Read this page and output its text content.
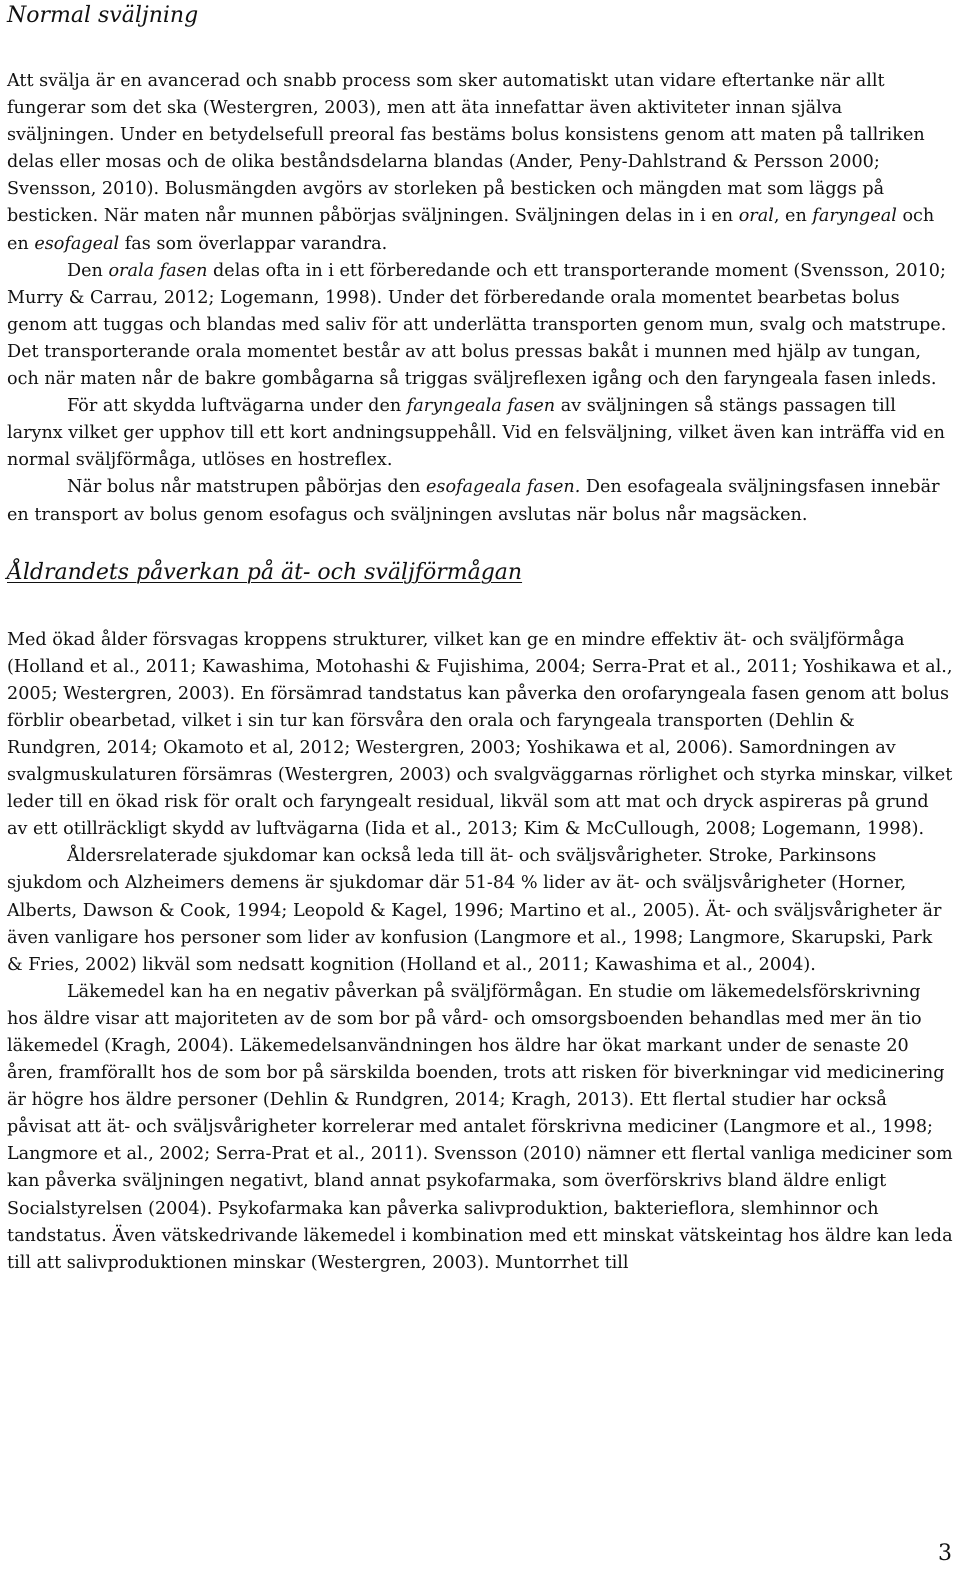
Normal sväljning

Att svälja är en avancerad och snabb process som sker automatiskt utan vidare eftertanke när allt fungerar som det ska (Westergren, 2003), men att äta innefattar även aktiviteter innan själva sväljningen. Under en betydelsefull preoral fas bestäms bolus konsistens genom att maten på tallriken delas eller mosas och de olika beståndsdelarna blandas (Ander, Peny-Dahlstrand & Persson 2000; Svensson, 2010). Bolusmängden avgörs av storleken på besticken och mängden mat som läggs på besticken. När maten når munnen påbörjas sväljningen. Sväljningen delas in i en oral, en faryngeal och en esofageal fas som överlappar varandra.

Den orala fasen delas ofta in i ett förberedande och ett transporterande moment (Svensson, 2010; Murry & Carrau, 2012; Logemann, 1998). Under det förberedande orala momentet bearbetas bolus genom att tuggas och blandas med saliv för att underlätta transporten genom mun, svalg och matstrupe. Det transporterande orala momentet består av att bolus pressas bakåt i munnen med hjälp av tungan, och när maten når de bakre gombågarna så triggas sväljreflexen igång och den faryngeala fasen inleds.

För att skydda luftvägarna under den faryngeala fasen av sväljningen så stängs passagen till larynx vilket ger upphov till ett kort andningsuppehåll. Vid en felsväljning, vilket även kan inträffa vid en normal sväljförmåga, utlöses en hostreflex.

När bolus når matstrupen påbörjas den esofageala fasen. Den esofageala sväljningsfasen innebär en transport av bolus genom esofagus och sväljningen avslutas när bolus når magsäcken.

Åldrandets påverkan på ät- och sväljförmågan

Med ökad ålder försvagas kroppens strukturer, vilket kan ge en mindre effektiv ät- och sväljförmåga (Holland et al., 2011; Kawashima, Motohashi & Fujishima, 2004; Serra-Prat et al., 2011; Yoshikawa et al., 2005; Westergren, 2003). En försämrad tandstatus kan påverka den orofaryngeala fasen genom att bolus förblir obearbetad, vilket i sin tur kan försvåra den orala och faryngeala transporten (Dehlin & Rundgren, 2014; Okamoto et al, 2012; Westergren, 2003; Yoshikawa et al, 2006). Samordningen av svalgmuskulaturen försämras (Westergren, 2003) och svalgväggarnas rörlighet och styrka minskar, vilket leder till en ökad risk för oralt och faryngealt residual, likväl som att mat och dryck aspireras på grund av ett otillräckligt skydd av luftvägarna (Iida et al., 2013; Kim & McCullough, 2008; Logemann, 1998).

Åldersrelaterade sjukdomar kan också leda till ät- och sväljsvårigheter. Stroke, Parkinsons sjukdom och Alzheimers demens är sjukdomar där 51-84 % lider av ät- och sväljsvårigheter (Horner, Alberts, Dawson & Cook, 1994; Leopold & Kagel, 1996; Martino et al., 2005). Ät- och sväljsvårigheter är även vanligare hos personer som lider av konfusion (Langmore et al., 1998; Langmore, Skarupski, Park & Fries, 2002) likväl som nedsatt kognition (Holland et al., 2011; Kawashima et al., 2004).

Läkemedel kan ha en negativ påverkan på sväljförmågan. En studie om läkemedelsförskrivning hos äldre visar att majoriteten av de som bor på vård- och omsorgsboenden behandlas med mer än tio läkemedel (Kragh, 2004). Läkemedelsanvändningen hos äldre har ökat markant under de senaste 20 åren, framförallt hos de som bor på särskilda boenden, trots att risken för biverkningar vid medicinering är högre hos äldre personer (Dehlin & Rundgren, 2014; Kragh, 2013). Ett flertal studier har också påvisat att ät- och sväljsvårigheter korrelerar med antalet förskrivna mediciner (Langmore et al., 1998; Langmore et al., 2002; Serra-Prat et al., 2011). Svensson (2010) nämner ett flertal vanliga mediciner som kan påverka sväljningen negativt, bland annat psykofarmaka, som överförskrivs bland äldre enligt Socialstyrelsen (2004). Psykofarmaka kan påverka salivproduktion, bakterieflora, slemhinnor och tandstatus. Även vätskedrivande läkemedel i kombination med ett minskat vätskeintag hos äldre kan leda till att salivproduktionen minskar (Westergren, 2003). Muntorrhet till

3
